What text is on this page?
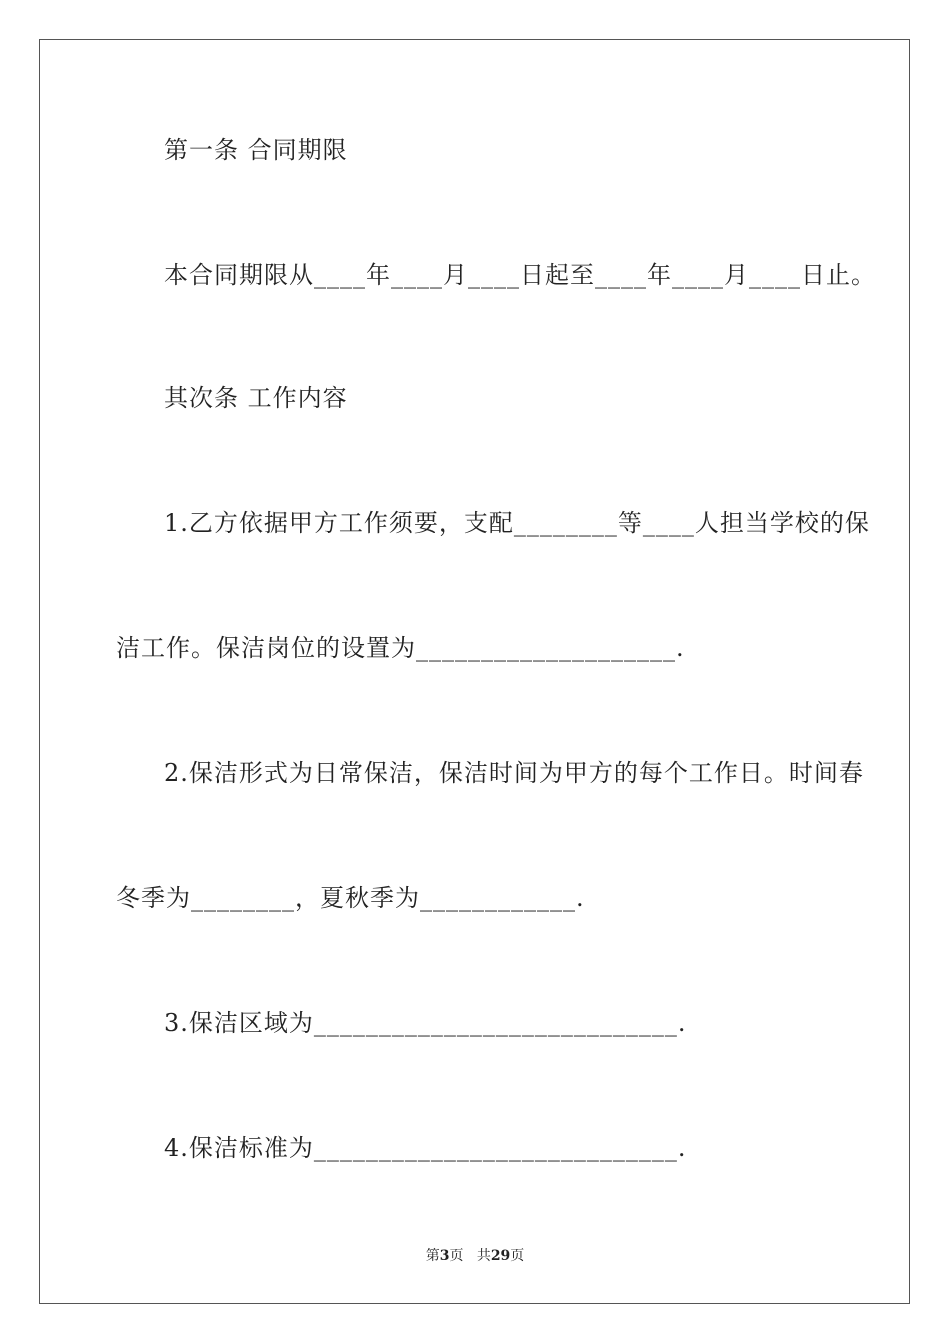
第一条 合同期限
本合同期限从____年____月____日起至____年____月____日止。
其次条 工作内容
1.乙方依据甲方工作须要，支配________等____人担当学校的保
洁工作。保洁岗位的设置为____________________.
2.保洁形式为日常保洁，保洁时间为甲方的每个工作日。时间春
冬季为________，夏秋季为____________.
3.保洁区域为____________________________.
4.保洁标准为____________________________.
第3页 共29页
